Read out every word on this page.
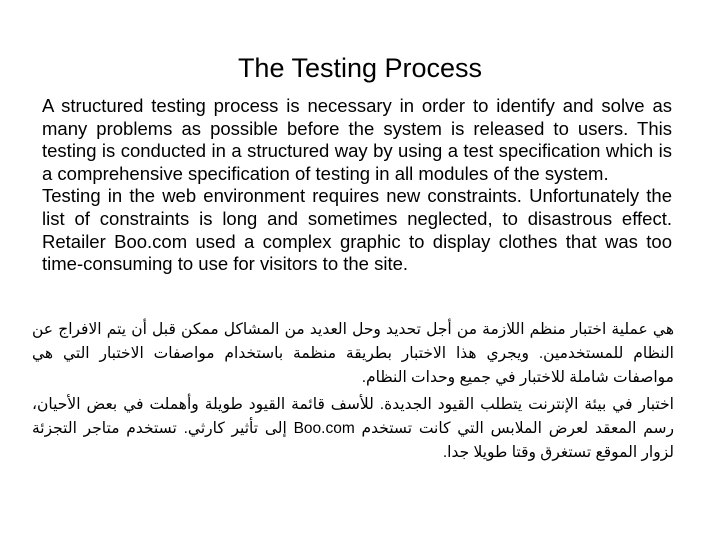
The Testing Process

A structured testing process is necessary in order to identify and solve as many problems as possible before the system is released to users. This testing is conducted in a structured way by using a test specification which is a comprehensive specification of testing in all modules of the system.

Testing in the web environment requires new constraints. Unfortunately the list of constraints is long and sometimes neglected, to disastrous effect. Retailer Boo.com used a complex graphic to display clothes that was too time-consuming to use for visitors to the site.

هي عملية اختبار منظم اللازمة من أجل تحديد وحل العديد من المشاكل ممكن قبل أن يتم الافراج عن النظام للمستخدمين. ويجري هذا الاختبار بطريقة منظمة باستخدام مواصفات الاختبار التي هي مواصفات شاملة للاختبار في جميع وحدات النظام.

اختبار في بيئة الإنترنت يتطلب القيود الجديدة. للأسف قائمة القيود طويلة وأهملت في بعض الأحيان، رسم المعقد لعرض الملابس التي كانت تستخدم Boo.com إلى تأثير كارثي. تستخدم متاجر التجزئة لزوار الموقع تستغرق وقتا طويلا جدا.
